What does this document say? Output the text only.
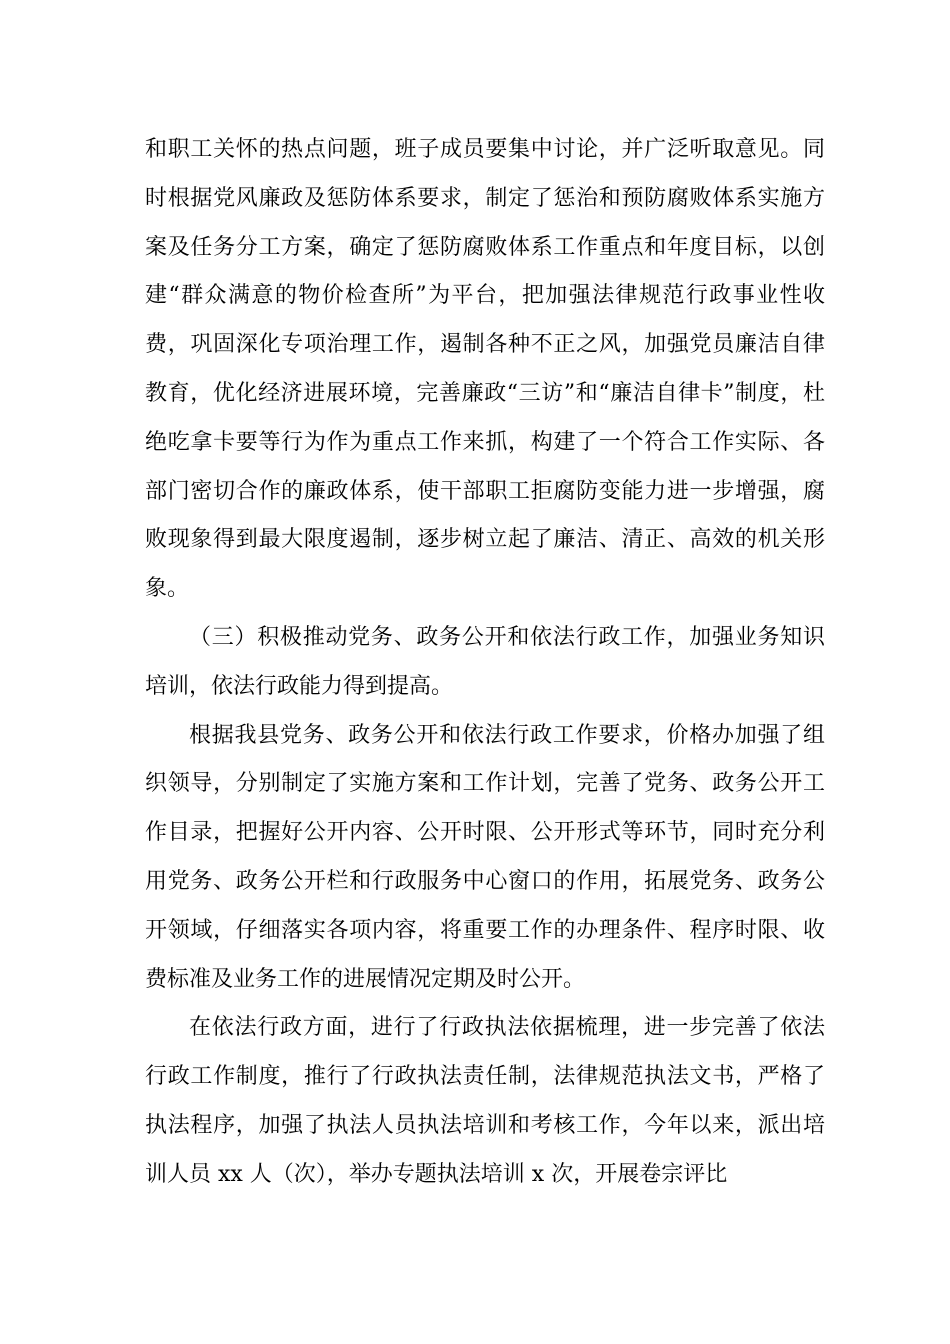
和职工关怀的热点问题，班子成员要集中讨论，并广泛听取意见。同时根据党风廉政及惩防体系要求，制定了惩治和预防腐败体系实施方案及任务分工方案，确定了惩防腐败体系工作重点和年度目标，以创建“群众满意的物价检查所”为平台，把加强法律规范行政事业性收费，巩固深化专项治理工作，遏制各种不正之风，加强党员廉洁自律教育，优化经济进展环境，完善廉政“三访”和“廉洁自律卡”制度，杜绝吃拿卡要等行为作为重点工作来抓，构建了一个符合工作实际、各部门密切合作的廉政体系，使干部职工拒腐防变能力进一步增强，腐败现象得到最大限度遏制，逐步树立起了廉洁、清正、高效的机关形象。

（三）积极推动党务、政务公开和依法行政工作，加强业务知识培训，依法行政能力得到提高。

根据我县党务、政务公开和依法行政工作要求，价格办加强了组织领导，分别制定了实施方案和工作计划，完善了党务、政务公开工作目录，把握好公开内容、公开时限、公开形式等环节，同时充分利用党务、政务公开栏和行政服务中心窗口的作用，拓展党务、政务公开领域，仔细落实各项内容，将重要工作的办理条件、程序时限、收费标准及业务工作的进展情况定期及时公开。

在依法行政方面，进行了行政执法依据梳理，进一步完善了依法行政工作制度，推行了行政执法责任制，法律规范执法文书，严格了执法程序，加强了执法人员执法培训和考核工作，今年以来，派出培训人员 xx 人（次），举办专题执法培训 x 次，开展卷宗评比
